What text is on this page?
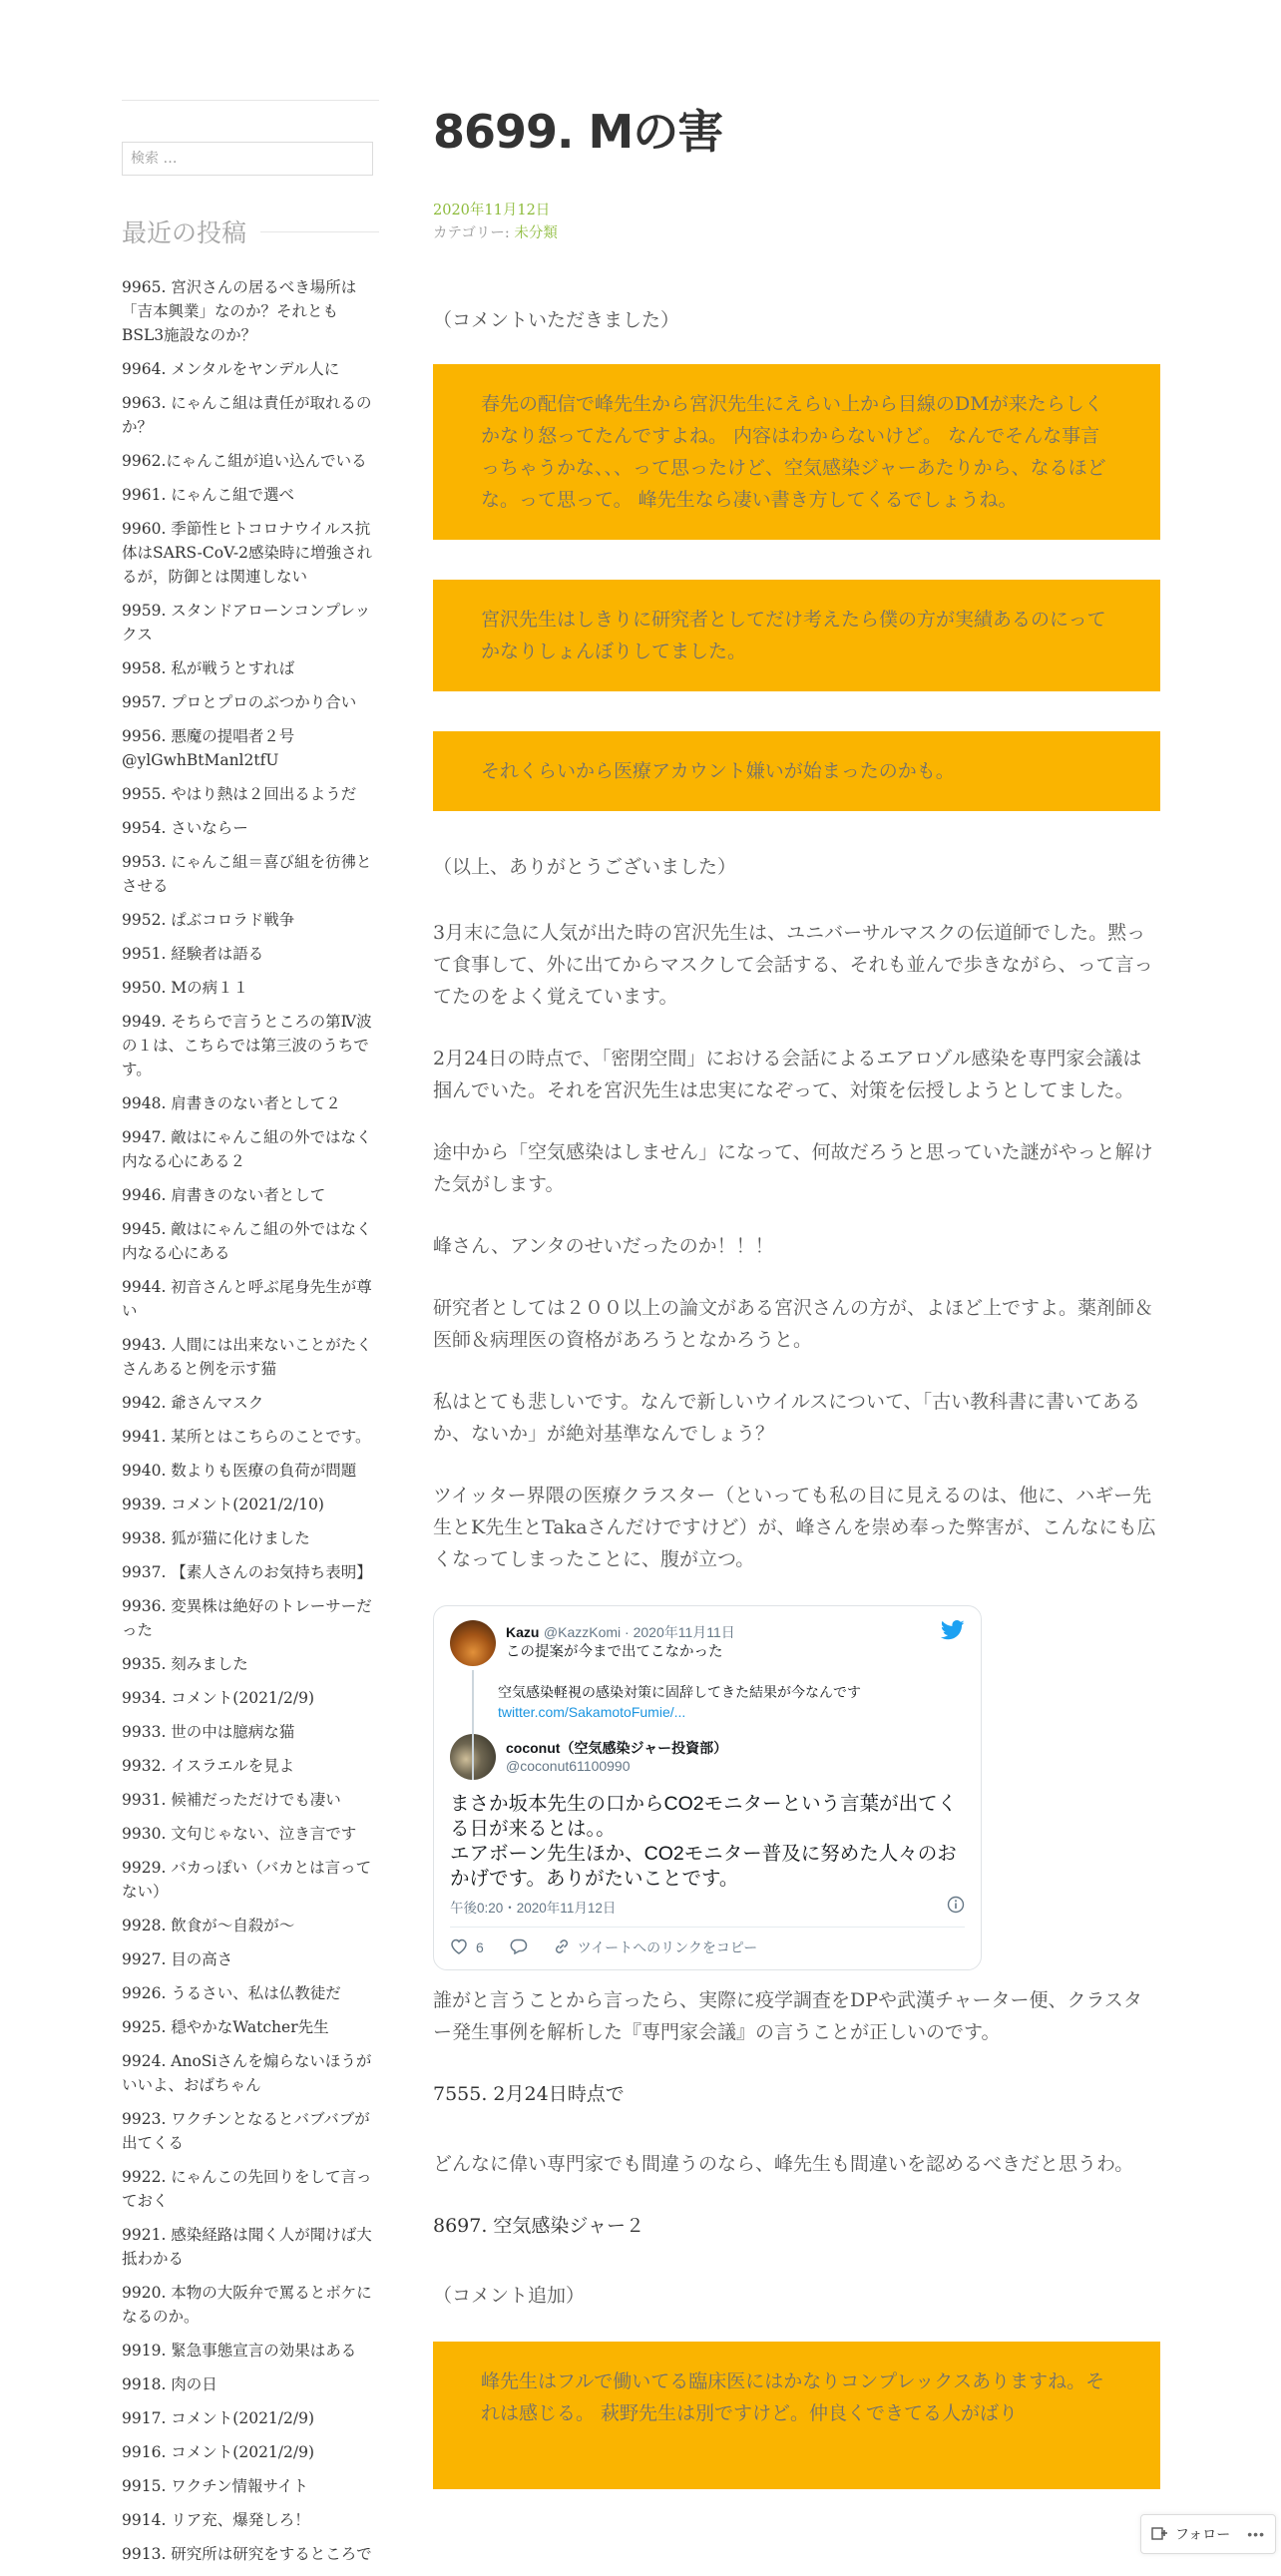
検索 …
最近の投稿
9965. 宮沢さんの居るべき場所は「吉本興業」なのか？それともBSL3施設なのか？
9964. メンタルをヤンデル人に
9963. にゃんこ組は責任が取れるのか？
9962.にゃんこ組が追い込んでいる
9961. にゃんこ組で選べ
9960. 季節性ヒトコロナウイルス抗体はSARS-CoV-2感染時に増強されるが，防御とは関連しない
9959. スタンドアローンコンプレックス
9958. 私が戦うとすれば
9957. プロとプロのぶつかり合い
9956. 悪魔の提唱者２号 @ylGwhBtManl2tfU
9955. やはり熱は２回出るようだ
9954. さいならー
9953. にゃんこ組＝喜び組を彷彿とさせる
9952. ぱぶコロラド戦争
9951. 経験者は語る
9950. Mの病１１
9949. そちらで言うところの第Ⅳ波の１は、こちらでは第三波のうちです。
9948. 肩書きのない者として２
9947. 敵はにゃんこ組の外ではなく内なる心にある２
9946. 肩書きのない者として
9945. 敵はにゃんこ組の外ではなく内なる心にある
9944. 初音さんと呼ぶ尾身先生が尊い
9943. 人間には出来ないことがたくさんあると例を示す猫
9942. 爺さんマスク
9941. 某所とはこちらのことです。
9940. 数よりも医療の負荷が問題
9939. コメント(2021/2/10)
9938. 狐が猫に化けました
9937. 【素人さんのお気持ち表明】
9936. 変異株は絶好のトレーサーだった
9935. 刻みました
9934. コメント(2021/2/9)
9933. 世の中は臆病な猫
9932. イスラエルを見よ
9931. 候補だっただけでも凄い
9930. 文句じゃない、泣き言です
9929. バカっぽい（バカとは言ってない）
9928. 飲食が〜自殺が〜
9927. 目の高さ
9926. うるさい、私は仏教徒だ
9925. 穏やかなWatcher先生
9924. AnoSiさんを煽らないほうがいいよ、おばちゃん
9923. ワクチンとなるとバブバブが出てくる
9922. にゃんこの先回りをして言っておく
9921. 感染経路は聞く人が聞けば大抵わかる
9920. 本物の大阪弁で罵るとボケになるのか。
9919. 緊急事態宣言の効果はある
9918. 肉の日
9917. コメント(2021/2/9)
9916. コメント(2021/2/9)
9915. ワクチン情報サイト
9914. リア充、爆発しろ！
9913. 研究所は研究をするところで
8699. Mの害
2020年11月12日
カテゴリー: 未分類

（コメントいただきました）

春先の配信で峰先生から宮沢先生にえらい上から目線のDMが来たらしくかなり怒ってたんですよね。 内容はわからないけど。 なんでそんな事言っちゃうかな、、、って思ったけど、空気感染ジャーあたりから、なるほどな。って思って。 峰先生なら凄い書き方してくるでしょうね。
宮沢先生はしきりに研究者としてだけ考えたら僕の方が実績あるのにってかなりしょんぼりしてました。
それくらいから医療アカウント嫌いが始まったのかも。

（以上、ありがとうございました）

3月末に急に人気が出た時の宮沢先生は、ユニバーサルマスクの伝道師でした。黙って食事して、外に出てからマスクして会話する、それも並んで歩きながら、って言ってたのをよく覚えています。

2月24日の時点で、「密閉空間」における会話によるエアロゾル感染を専門家会議は掴んでいた。それを宮沢先生は忠実になぞって、対策を伝授しようとしてました。

途中から「空気感染はしません」になって、何故だろうと思っていた謎がやっと解けた気がします。

峰さん、アンタのせいだったのか！！！

研究者としては２００以上の論文がある宮沢さんの方が、よほど上ですよ。薬剤師＆医師＆病理医の資格があろうとなかろうと。

私はとても悲しいです。なんで新しいウイルスについて、「古い教科書に書いてあるか、ないか」が絶対基準なんでしょう？

ツイッター界隈の医療クラスター（といっても私の目に見えるのは、他に、ハギー先生とK先生とTakaさんだけですけど）が、峰さんを崇め奉った弊害が、こんなにも広くなってしまったことに、腹が立つ。

Kazu @KazzKomi · 2020年11月11日
この提案が今まで出てこなかった
空気感染軽視の感染対策に固辞してきた結果が今なんです
twitter.com/SakamotoFumie/...
coconut（空気感染ジャー投資部）
@coconut61100990
まさか坂本先生の口からCO2モニターという言葉が出てくる日が来るとは。。
エアボーン先生ほか、CO2モニター普及に努めた人々のおかげです。ありがたいことです。
午後0:20・2020年11月12日
6	ツイートへのリンクをコピー

誰がと言うことから言ったら、実際に疫学調査をDPや武漢チャーター便、クラスター発生事例を解析した『専門家会議』の言うことが正しいのです。

7555. 2月24日時点で

どんなに偉い専門家でも間違うのなら、峰先生も間違いを認めるべきだと思うわ。

8697. 空気感染ジャー２

（コメント追加）

峰先生はフルで働いてる臨床医にはかなりコンプレックスありますね。それは感じる。 萩野先生は別ですけど。仲良くできてる人がばり
フォロー •••
